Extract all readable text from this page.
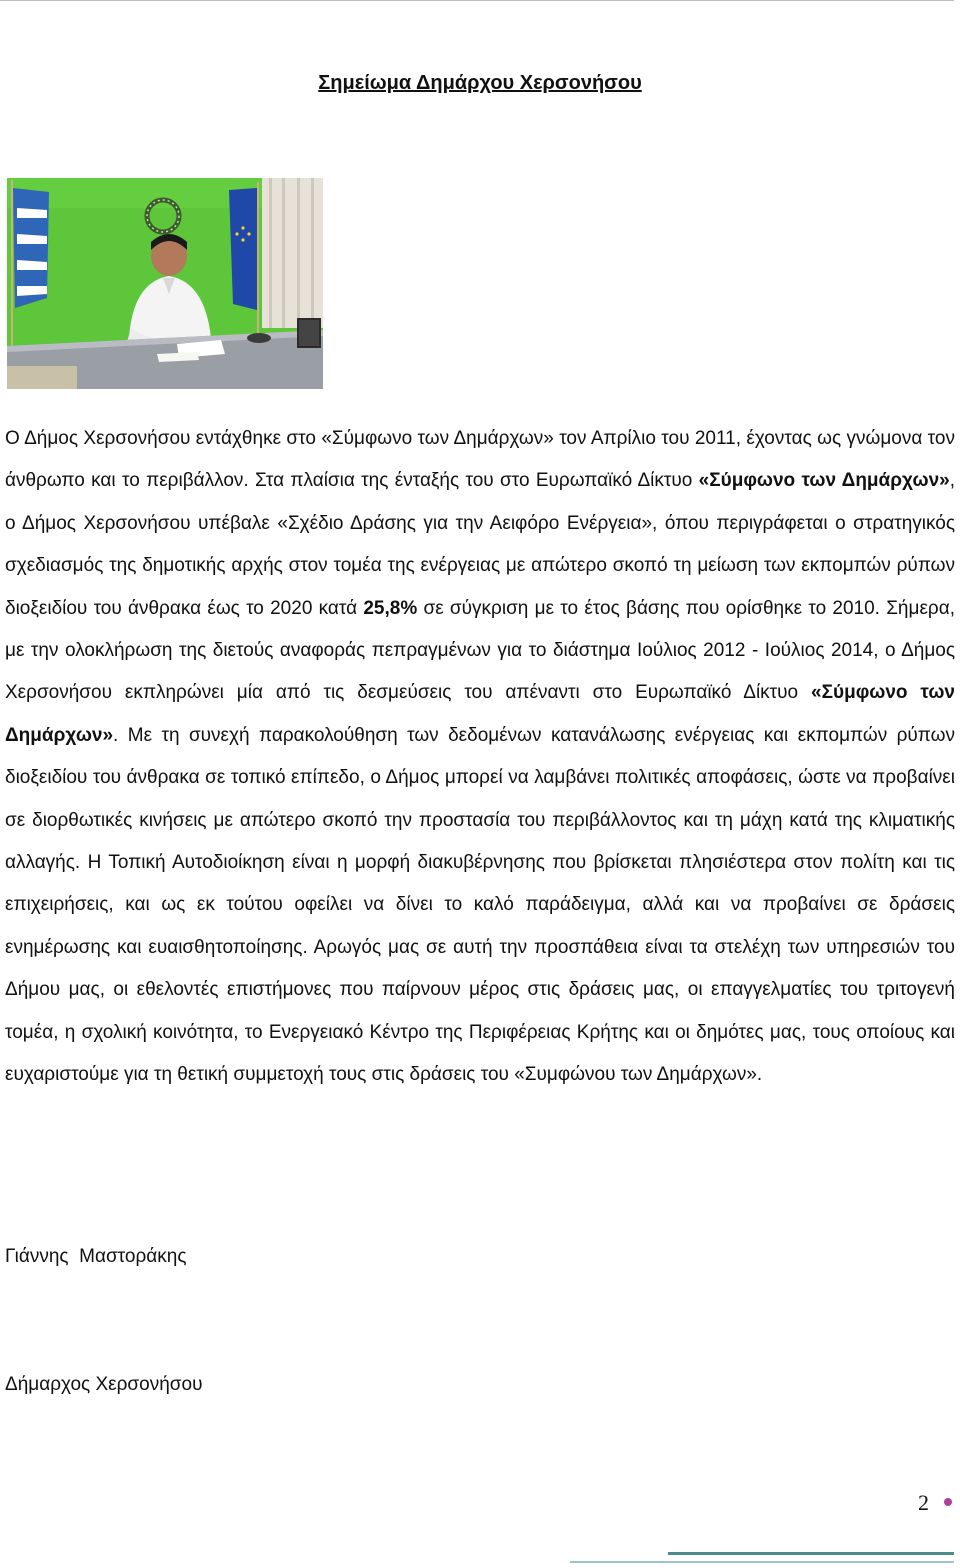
Σημείωμα Δημάρχου Χερσονήσου

Ο Δήμος Χερσονήσου εντάχθηκε στο «Σύμφωνο των Δημάρχων» τον Απρίλιο του 2011, έχοντας ως γνώμονα τον άνθρωπο και το περιβάλλον. Στα πλαίσια της ένταξής του στο Ευρωπαϊκό Δίκτυο «Σύμφωνο των Δημάρχων», ο Δήμος Χερσονήσου υπέβαλε «Σχέδιο Δράσης για την Αειφόρο Ενέργεια», όπου περιγράφεται ο στρατηγικός σχεδιασμός της δημοτικής αρχής στον τομέα της ενέργειας με απώτερο σκοπό τη μείωση των εκπομπών ρύπων διοξειδίου του άνθρακα έως το 2020 κατά 25,8% σε σύγκριση με το έτος βάσης που ορίσθηκε το 2010. Σήμερα, με την ολοκλήρωση της διετούς αναφοράς πεπραγμένων για το διάστημα Ιούλιος 2012 - Ιούλιος 2014, ο Δήμος Χερσονήσου εκπληρώνει μία από τις δεσμεύσεις του απέναντι στο Ευρωπαϊκό Δίκτυο «Σύμφωνο των Δημάρχων». Με τη συνεχή παρακολούθηση των δεδομένων κατανάλωσης ενέργειας και εκπομπών ρύπων διοξειδίου του άνθρακα σε τοπικό επίπεδο, ο Δήμος μπορεί να λαμβάνει πολιτικές αποφάσεις, ώστε να προβαίνει σε διορθωτικές κινήσεις με απώτερο σκοπό την προστασία του περιβάλλοντος και τη μάχη κατά της κλιματικής αλλαγής. Η Τοπική Αυτοδιοίκηση είναι η μορφή διακυβέρνησης που βρίσκεται πλησιέστερα στον πολίτη και τις επιχειρήσεις, και ως εκ τούτου οφείλει να δίνει το καλό παράδειγμα, αλλά και να προβαίνει σε δράσεις ενημέρωσης και ευαισθητοποίησης. Αρωγός μας σε αυτή την προσπάθεια είναι τα στελέχη των υπηρεσιών του Δήμου μας, οι εθελοντές επιστήμονες που παίρνουν μέρος στις δράσεις μας, οι επαγγελματίες του τριτογενή τομέα, η σχολική κοινότητα, το Ενεργειακό Κέντρο της Περιφέρειας Κρήτης και οι δημότες μας, τους οποίους και ευχαριστούμε για τη θετική συμμετοχή τους στις δράσεις του «Συμφώνου των Δημάρχων».

Γιάννης  Μαστοράκης

Δήμαρχος Χερσονήσου

2
